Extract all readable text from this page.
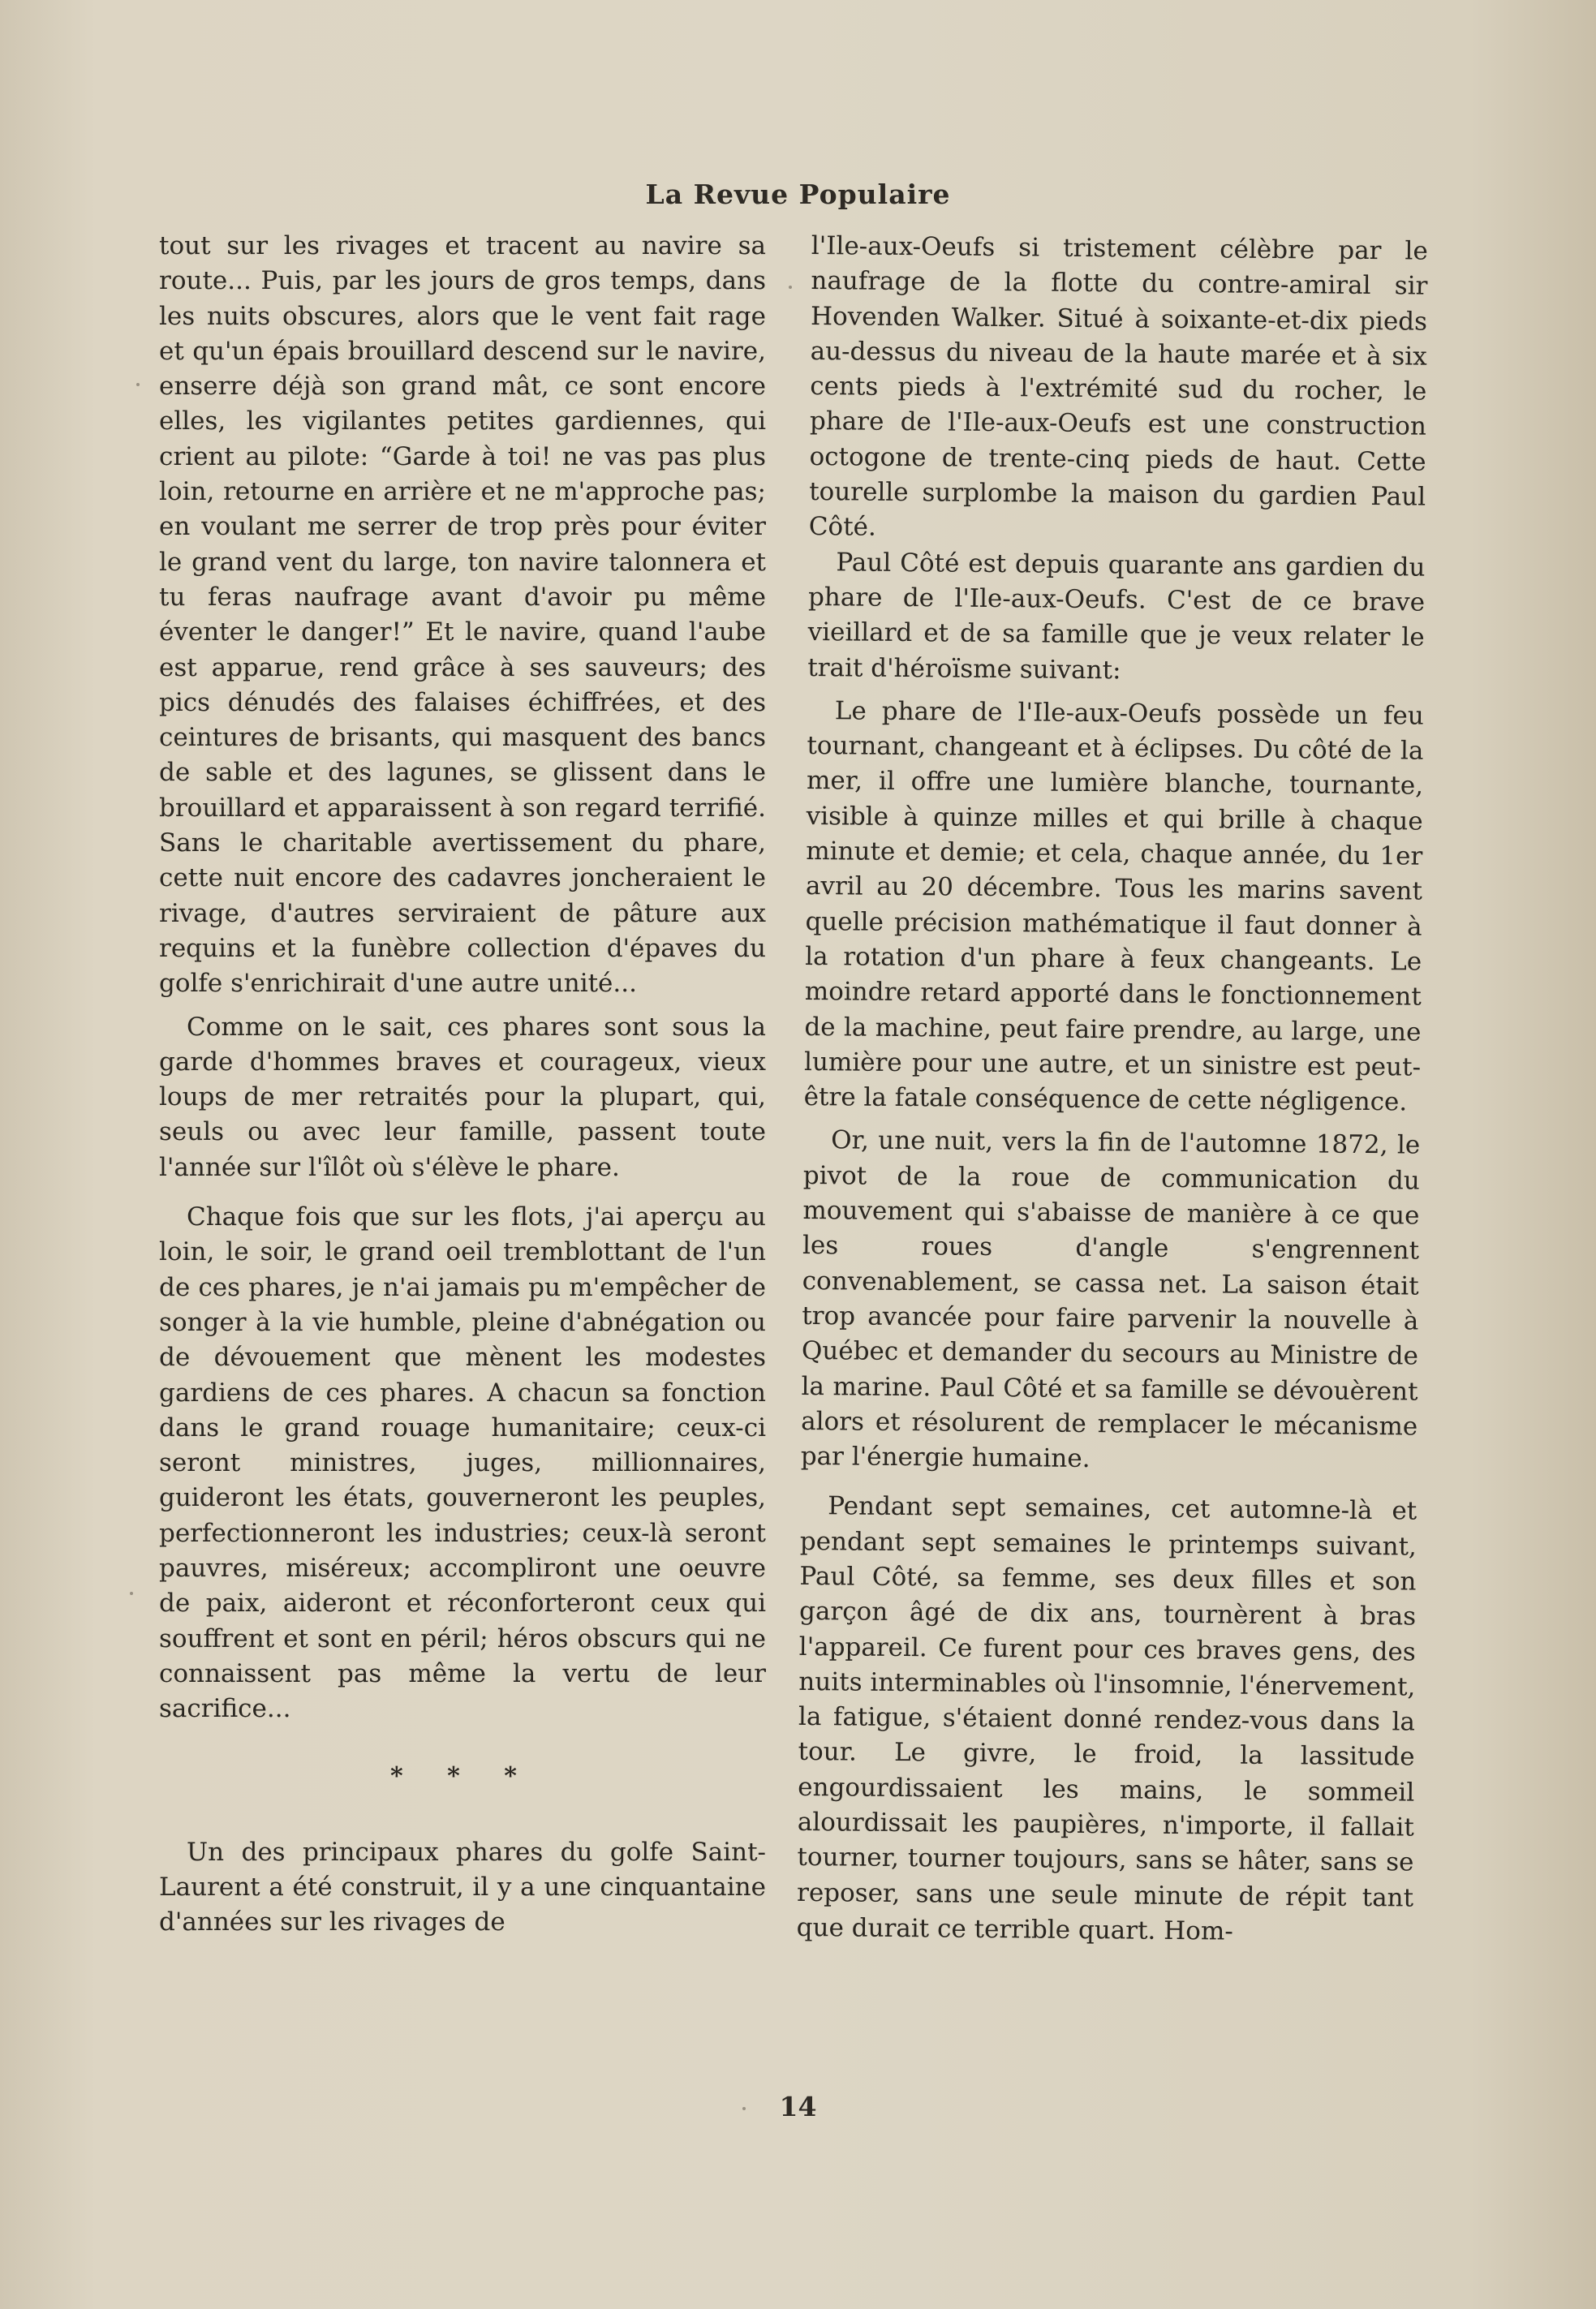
La Revue Populaire

tout sur les rivages et tracent au navire sa route... Puis, par les jours de gros temps, dans les nuits obscures, alors que le vent fait rage et qu'un épais brouillard descend sur le navire, enserre déjà son grand mât, ce sont encore elles, les vigilantes petites gardiennes, qui crient au pilote: “Garde à toi! ne vas pas plus loin, retourne en arrière et ne m'approche pas; en voulant me serrer de trop près pour éviter le grand vent du large, ton navire talonnera et tu feras naufrage avant d'avoir pu même éventer le danger!” Et le navire, quand l'aube est apparue, rend grâce à ses sauveurs; des pics dénudés des falaises échiffrées, et des ceintures de brisants, qui masquent des bancs de sable et des lagunes, se glissent dans le brouillard et apparaissent à son regard terrifié. Sans le charitable avertissement du phare, cette nuit encore des cadavres joncheraient le rivage, d'autres serviraient de pâture aux requins et la funèbre collection d'épaves du golfe s'enrichirait d'une autre unité...

Comme on le sait, ces phares sont sous la garde d'hommes braves et courageux, vieux loups de mer retraités pour la plupart, qui, seuls ou avec leur famille, passent toute l'année sur l'îlôt où s'élève le phare.

Chaque fois que sur les flots, j'ai aperçu au loin, le soir, le grand oeil tremblottant de l'un de ces phares, je n'ai jamais pu m'empêcher de songer à la vie humble, pleine d'abnégation ou de dévouement que mènent les modestes gardiens de ces phares. A chacun sa fonction dans le grand rouage humanitaire; ceux-ci seront ministres, juges, millionnaires, guideront les états, gouverneront les peuples, perfectionneront les industries; ceux-là seront pauvres, miséreux; accompliront une oeuvre de paix, aideront et réconforteront ceux qui souffrent et sont en péril; héros obscurs qui ne connaissent pas même la vertu de leur sacrifice...

* * *

Un des principaux phares du golfe Saint-Laurent a été construit, il y a une cinquantaine d'années sur les rivages de

l'Ile-aux-Oeufs si tristement célèbre par le naufrage de la flotte du contre-amiral sir Hovenden Walker. Situé à soixante-et-dix pieds au-dessus du niveau de la haute marée et à six cents pieds à l'extrémité sud du rocher, le phare de l'Ile-aux-Oeufs est une construction octogone de trente-cinq pieds de haut. Cette tourelle surplombe la maison du gardien Paul Côté.

Paul Côté est depuis quarante ans gardien du phare de l'Ile-aux-Oeufs. C'est de ce brave vieillard et de sa famille que je veux relater le trait d'héroïsme suivant:

Le phare de l'Ile-aux-Oeufs possède un feu tournant, changeant et à éclipses. Du côté de la mer, il offre une lumière blanche, tournante, visible à quinze milles et qui brille à chaque minute et demie; et cela, chaque année, du 1er avril au 20 décembre. Tous les marins savent quelle précision mathématique il faut donner à la rotation d'un phare à feux changeants. Le moindre retard apporté dans le fonctionnement de la machine, peut faire prendre, au large, une lumière pour une autre, et un sinistre est peut-être la fatale conséquence de cette négligence.

Or, une nuit, vers la fin de l'automne 1872, le pivot de la roue de communication du mouvement qui s'abaisse de manière à ce que les roues d'angle s'engrennent convenablement, se cassa net. La saison était trop avancée pour faire parvenir la nouvelle à Québec et demander du secours au Ministre de la marine. Paul Côté et sa famille se dévouèrent alors et résolurent de remplacer le mécanisme par l'énergie humaine.

Pendant sept semaines, cet automne-là et pendant sept semaines le printemps suivant, Paul Côté, sa femme, ses deux filles et son garçon âgé de dix ans, tournèrent à bras l'appareil. Ce furent pour ces braves gens, des nuits interminables où l'insomnie, l'énervement, la fatigue, s'étaient donné rendez-vous dans la tour. Le givre, le froid, la lassitude engourdissaient les mains, le sommeil alourdissait les paupières, n'importe, il fallait tourner, tourner toujours, sans se hâter, sans se reposer, sans une seule minute de répit tant que durait ce terrible quart. Hom-

14
